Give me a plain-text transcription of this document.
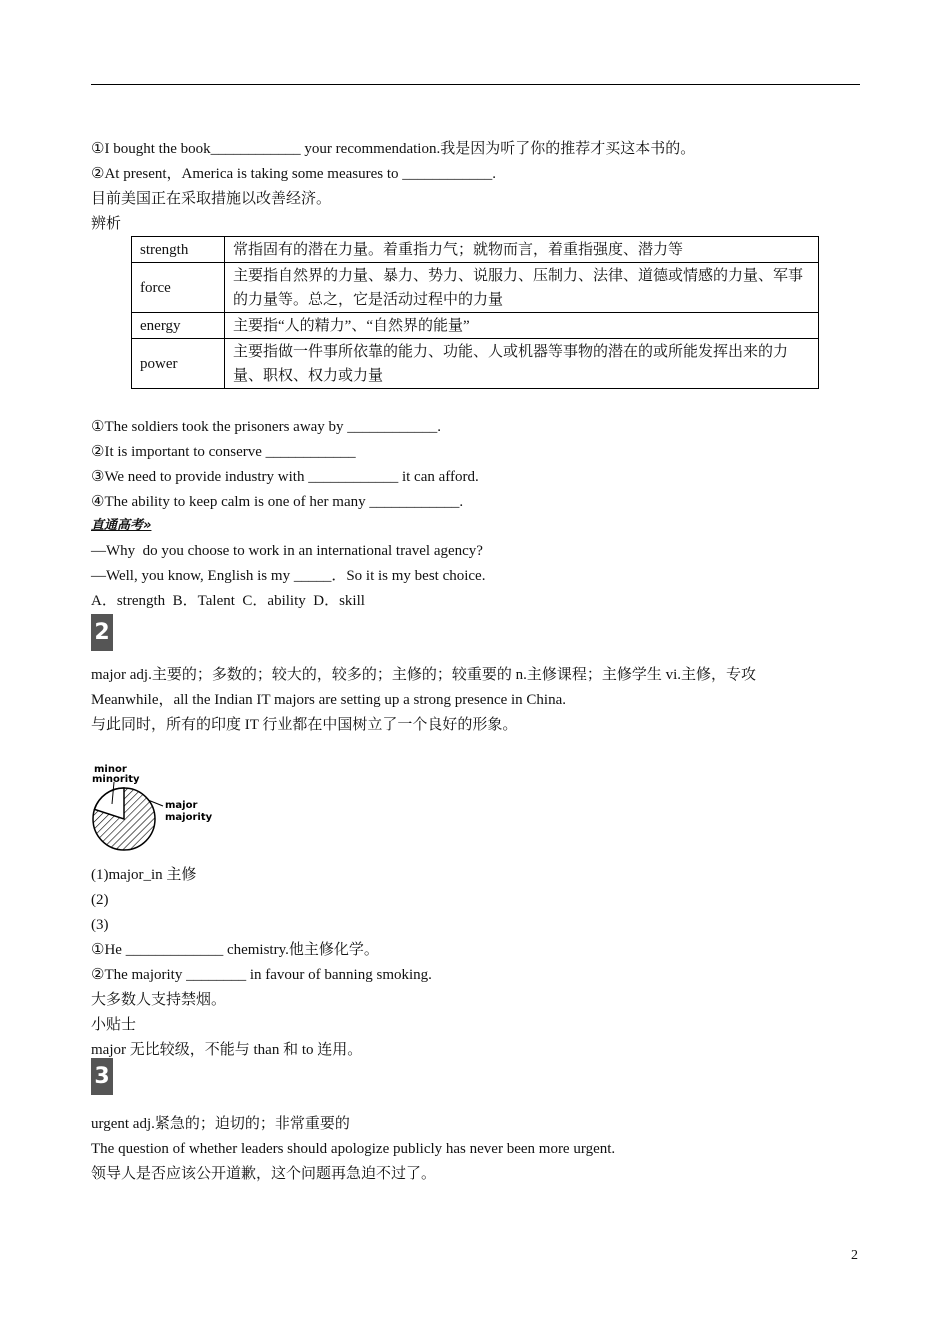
①I bought the book____________ your recommendation.我是因为听了你的推荐才买这本书的。
②At present，America is taking some measures to ____________.
目前美国正在采取措施以改善经济。
辨析
strength	常指固有的潜在力量。着重指力气；就物而言，着重指强度、潜力等
force	主要指自然界的力量、暴力、势力、说服力、压制力、法律、道德或情感的力量、军事的力量等。总之，它是活动过程中的力量
energy	主要指“人的精力”、“自然界的能量”
power	主要指做一件事所依靠的能力、功能、人或机器等事物的潜在的或所能发挥出来的力量、职权、权力或力量
①The soldiers took the prisoners away by ____________.
②It is important to conserve ____________
③We need to provide industry with ____________ it can afford.
④The ability to keep calm is one of her many ____________.
直通高考»
—Why  do you choose to work in an international travel agency?
—Well, you know, English is my _____．So it is my best choice.
A．strength  B．Talent  C．ability  D．skill
2
major adj.主要的；多数的；较大的，较多的；主修的；较重要的 n.主修课程；主修学生 vi.主修，专攻
Meanwhile，all the Indian IT majors are setting up a strong presence in China.
与此同时，所有的印度 IT 行业都在中国树立了一个良好的形象。
minor
minority
major
majority
(1)major_in 主修
(2)
(3)
①He _____________ chemistry.他主修化学。
②The majority ________ in favour of banning smoking.
大多数人支持禁烟。
小贴士
major 无比较级，不能与 than 和 to 连用。
3
urgent adj.紧急的；迫切的；非常重要的
The question of whether leaders should apologize publicly has never been more urgent.
领导人是否应该公开道歉，这个问题再急迫不过了。
2
